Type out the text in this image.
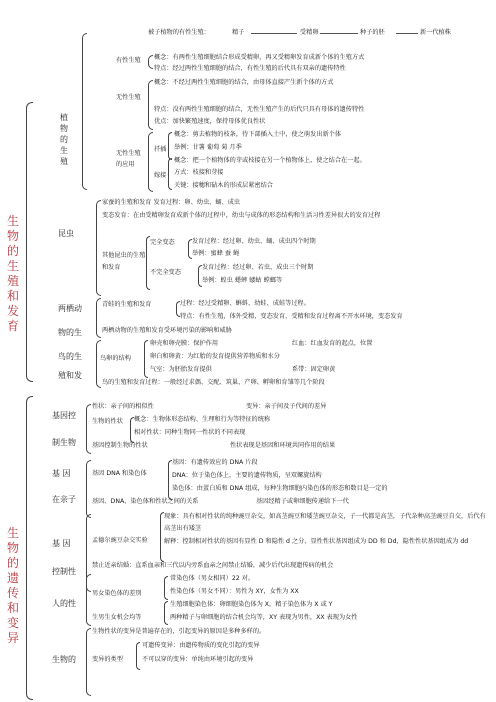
生
物
的
生
殖
和
发
育
植物的生殖
被子植物的有性生殖：	精子	受精卵	种子的胚	新一代植株
有性生殖 概念：有两性生殖细胞结合形成受精卵，再又受精卵发育成新个体的生殖方式
特点：经过两性生殖细胞的结合，有性生殖的后代具有双亲的遗传特性
无性生殖
概念：不经过两性生殖细胞的结合，由母体直接产生新个体的方式
特点：没有两性生殖细胞的结合，无性生殖产生的后代只具有母体的遗传特性
优点：加快繁殖速度，保持母体优良性状
无性生殖的应用
扦插
概念：剪去植物的枝条，待下部插入土中，使之萌发出新个体
举例：甘薯 葡萄 菊 月季
嫁接
概念：把一个植物体的芽或枝接在另一个植物体上，使之结合在一起。
方式：枝接和芽接
关键：接穗和砧木的形成层紧密结合
昆虫
家蚕的生殖和发育 发育过程：卵、幼虫、蛹、成虫
变态发育：在由受精卵发育成新个体的过程中，幼虫与成体的形态结构和生活习性差异很大的发育过程
其他昆虫的生殖和发育
完全变态	发育过程：经过卵、幼虫、蛹、成虫四个时期
举例：蜜蜂 蚕 蝇
不完全变态
发育过程：经过卵、若虫、成虫三个时期
举例：蝗虫 蟋蟀 蝼蛄 螳螂等
两栖动
物的生
青蛙的生殖和发育	过程：经过受精卵、蝌蚪、幼蛙、成蛙等过程。
特点：有性生殖，体外受精，变态发育，受精和发育过程离不开水环境，变态发育
两栖动物的生殖和发育受环境污染的影响和威胁
鸟的生
殖和发
鸟卵的结构
卵壳和卵壳膜：保护作用	红血：红血发育的起点，位置
卵白和卵黄：为红胎的发育提供营养物质和水分
气室：为胚胎发育提供	系带：固定卵黄
鸟的生殖和发育过程：一般经过求偶、交配、筑巢、产卵、孵卵和育雏等几个阶段
生
物
的
遗
传
和
变
异
基因控
制生物
性状：亲子间的相似性	变异：亲子间及子代间的差异
生物的性状 概念：生物体形态结构、生理和行为等特征的统称
相对性状：同种生物同一性状的不同表现
基因控制生物的性状	性状表现是基因和环境共同作用的结果
基 因
在亲子
基因 DNA 和染色体
基因：有遗传效应的 DNA 片段
DNA：位于染色体上，主要的遗传物质，呈双螺旋结构
染色体：由蛋白质和 DNA 组成，每种生物细胞内染色体的形态和数目是一定的
基因、DNA、染色体和性状之间的关系	基因经精子或卵细胞传递给下一代
基 因
控制性
孟德尔豌豆杂交实验
现象：具有相对性状的纯种豌豆杂交，如高茎豌豆和矮茎豌豆杂交，子一代都是高茎，子代杂种高茎豌豆自交，后代有高茎出有矮茎
解释：控制相对性状的基因有显性 D 和隐性 d 之分，显性性状基因组成为 DD 和 Dd，隐性性状基因组成为 dd
禁止近亲结婚：直系血亲和三代以内旁系血亲之间禁止结婚，减少后代出现遗传病的机会
人的性
男女染色体的差别
常染色体（男女相同）22 对。
性染色体（男女不同）：男性为 XY，女性为 XX
生殖细胞染色体：卵细胞染色体为 X，精子染色体为 X 或 Y
生男生女机会均等	两种精子与卵细胞的结合机会均等，XY 表现为男性，XX 表现为女性
生物的
生物性状的变异是普遍存在的，引起变异的原因是多种多样的。
变异的类型
可遗传变异：由遗传物质的变化引起的变异
不可以穿的变异：单纯由环境引起的变异
